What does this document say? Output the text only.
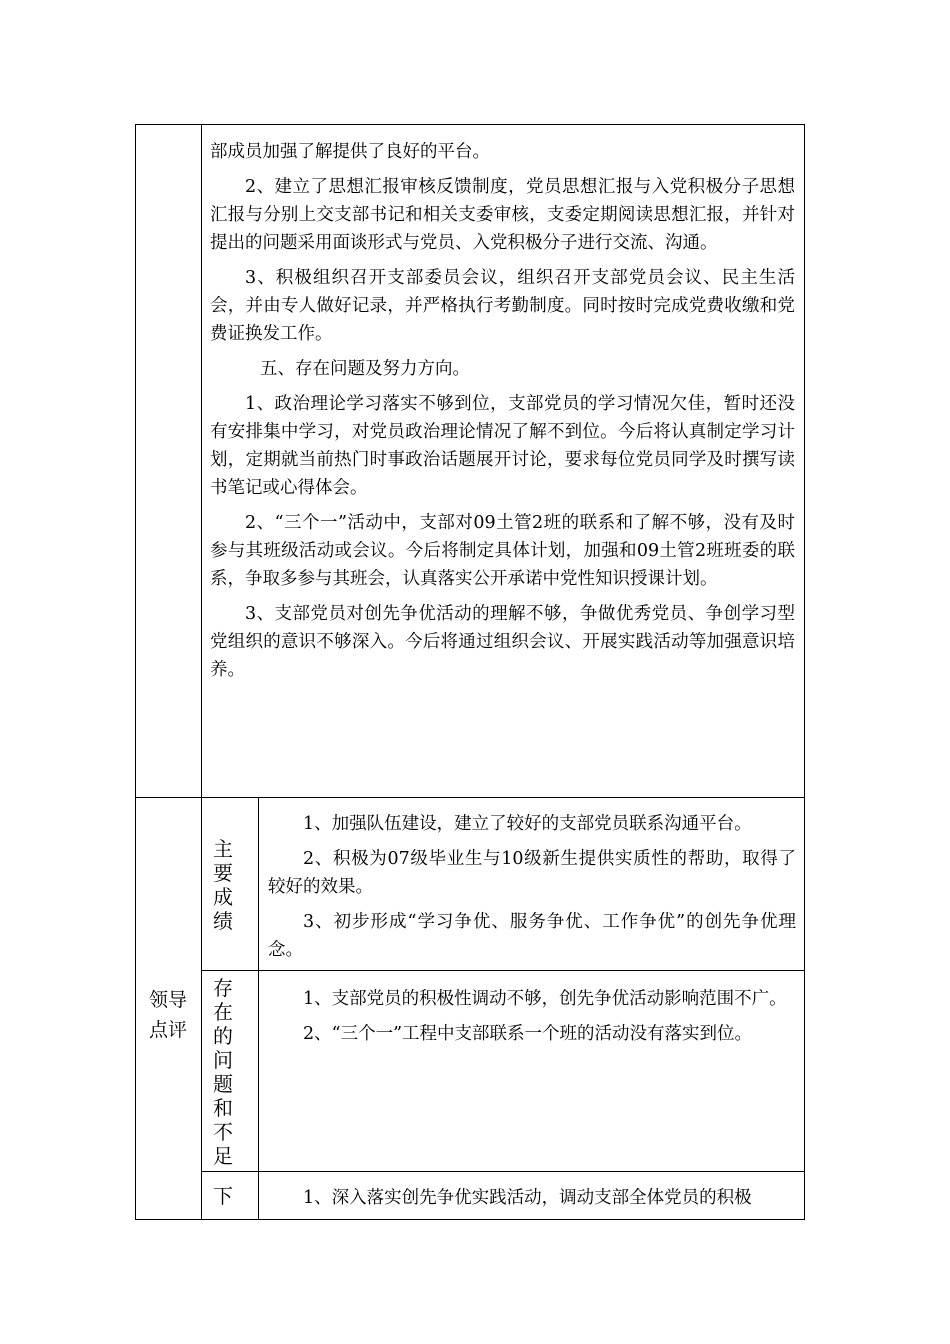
部成员加强了解提供了良好的平台。

2、建立了思想汇报审核反馈制度，党员思想汇报与入党积极分子思想汇报与分别上交支部书记和相关支委审核，支委定期阅读思想汇报，并针对提出的问题采用面谈形式与党员、入党积极分子进行交流、沟通。

3、积极组织召开支部委员会议，组织召开支部党员会议、民主生活会，并由专人做好记录，并严格执行考勤制度。同时按时完成党费收缴和党费证换发工作。

五、存在问题及努力方向。

1、政治理论学习落实不够到位，支部党员的学习情况欠佳，暂时还没有安排集中学习，对党员政治理论情况了解不到位。今后将认真制定学习计划，定期就当前热门时事政治话题展开讨论，要求每位党员同学及时撰写读书笔记或心得体会。

2、“三个一”活动中，支部对09土管2班的联系和了解不够，没有及时参与其班级活动或会议。今后将制定具体计划，加强和09土管2班班委的联系，争取多参与其班会，认真落实公开承诺中党性知识授课计划。

3、支部党员对创先争优活动的理解不够，争做优秀党员、争创学习型党组织的意识不够深入。今后将通过组织会议、开展实践活动等加强意识培养。

领导点评
主
要
成
绩

1、加强队伍建设，建立了较好的支部党员联系沟通平台。

2、积极为07级毕业生与10级新生提供实质性的帮助，取得了较好的效果。

3、初步形成“学习争优、服务争优、工作争优”的创先争优理念。

存
在
的
问
题
和
不
足

1、支部党员的积极性调动不够，创先争优活动影响范围不广。

2、“三个一”工程中支部联系一个班的活动没有落实到位。

下	1、深入落实创先争优实践活动，调动支部全体党员的积极
